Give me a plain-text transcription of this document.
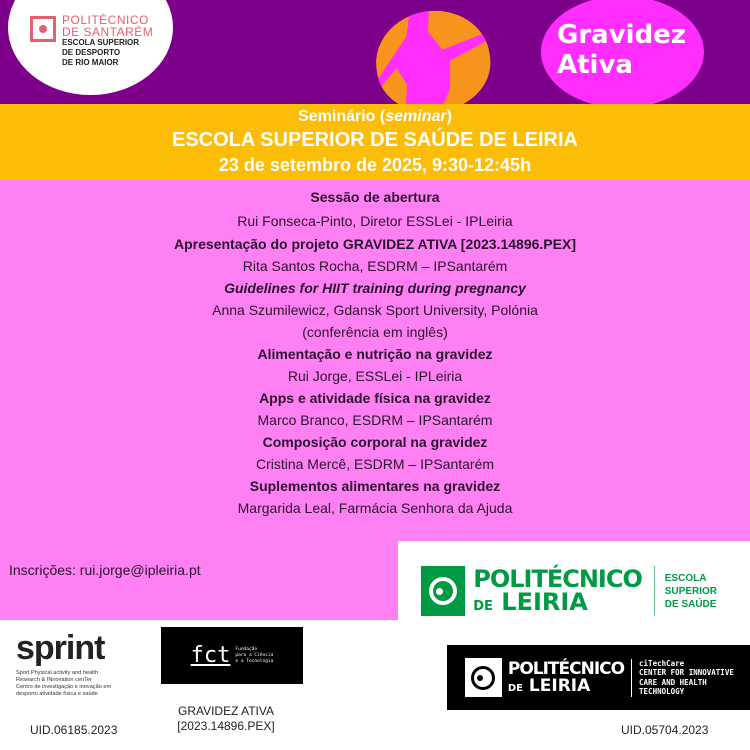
POLITÉCNICO
DE SANTARÉM
ESCOLA SUPERIOR
DE DESPORTO
DE RIO MAIOR
Gravidez
Ativa
Seminário (seminar)
ESCOLA SUPERIOR DE SAÚDE DE LEIRIA
23 de setembro de 2025, 9:30-12:45h
Sessão de abertura
Rui Fonseca-Pinto, Diretor ESSLei - IPLeiria
Apresentação do projeto GRAVIDEZ ATIVA [2023.14896.PEX]
Rita Santos Rocha, ESDRM – IPSantarém
Guidelines for HIIT training during pregnancy
Anna Szumilewicz, Gdansk Sport University, Polónia
(conferência em inglês)
Alimentação e nutrição na gravidez
Rui Jorge, ESSLei - IPLeiria
Apps e atividade física na gravidez
Marco Branco, ESDRM – IPSantarém
Composição corporal na gravidez
Cristina Mercê, ESDRM – IPSantarém
Suplementos alimentares na gravidez
Margarida Leal, Farmácia Senhora da Ajuda
Inscrições: rui.jorge@ipleiria.pt	POLITÉCNICO
DE LEIRIA
ESCOLA SUPERIOR
DE SAÚDE
sprint
Sport Physical activity and health
Research & INnovation cenTer
Centro de investigação e inovação em
desporto atividade física e saúde
UID.06185.2023
fct Fundação
para a Ciência
e a Tecnologia
GRAVIDEZ ATIVA
[2023.14896.PEX]
POLITÉCNICO
DE LEIRIA
ciTechCare
CENTER FOR INNOVATIVE
CARE AND HEALTH TECHNOLOGY
UID.05704.2023
